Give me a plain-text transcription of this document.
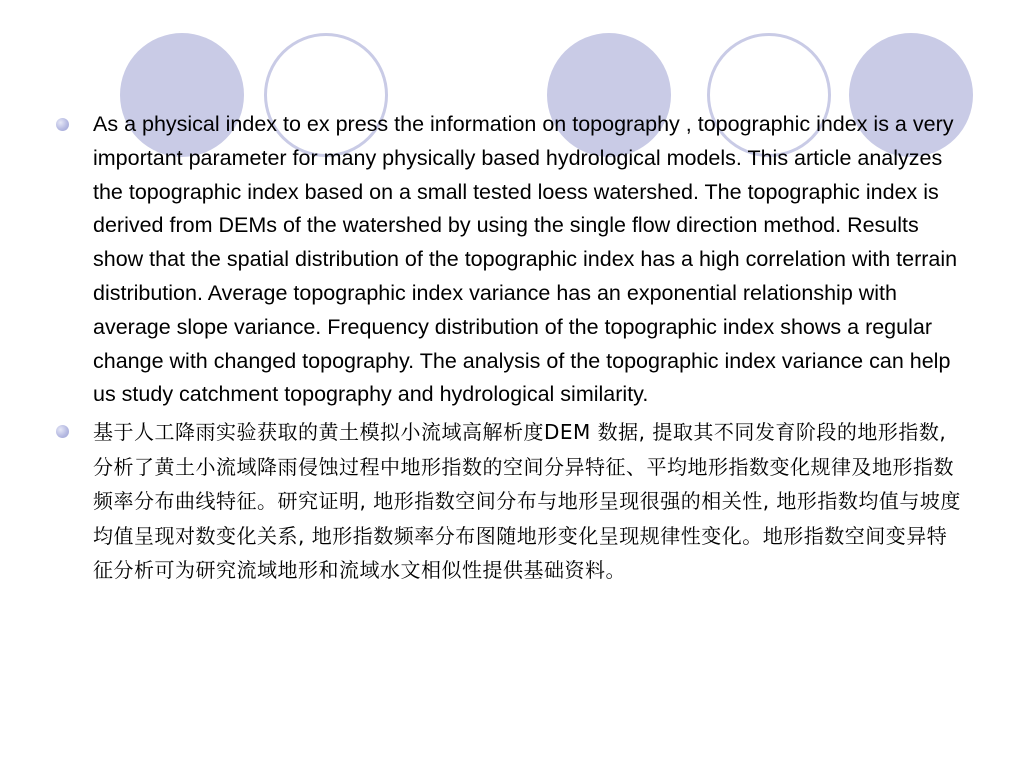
As a physical index to ex press the information on topography , topographic index is a very important parameter for many physically based hydrological models. This article analyzes the topographic index based on a small tested loess watershed. The topographic index is derived from DEMs of the watershed by using the single flow direction method. Results show that the spatial distribution of the topographic index has a high correlation with terrain distribution. Average topographic index variance has an exponential relationship with average slope variance. Frequency distribution of the topographic index shows a regular change with changed topography. The analysis of the topographic index variance can help us study catchment topography and hydrological similarity.
基于人工降雨实验获取的黄土模拟小流域高解析度DEM 数据, 提取其不同发育阶段的地形指数, 分析了黄土小流域降雨侵蚀过程中地形指数的空间分异特征、平均地形指数变化规律及地形指数频率分布曲线特征。研究证明, 地形指数空间分布与地形呈现很强的相关性, 地形指数均值与坡度均值呈现对数变化关系, 地形指数频率分布图随地形变化呈现规律性变化。地形指数空间变异特征分析可为研究流域地形和流域水文相似性提供基础资料。
